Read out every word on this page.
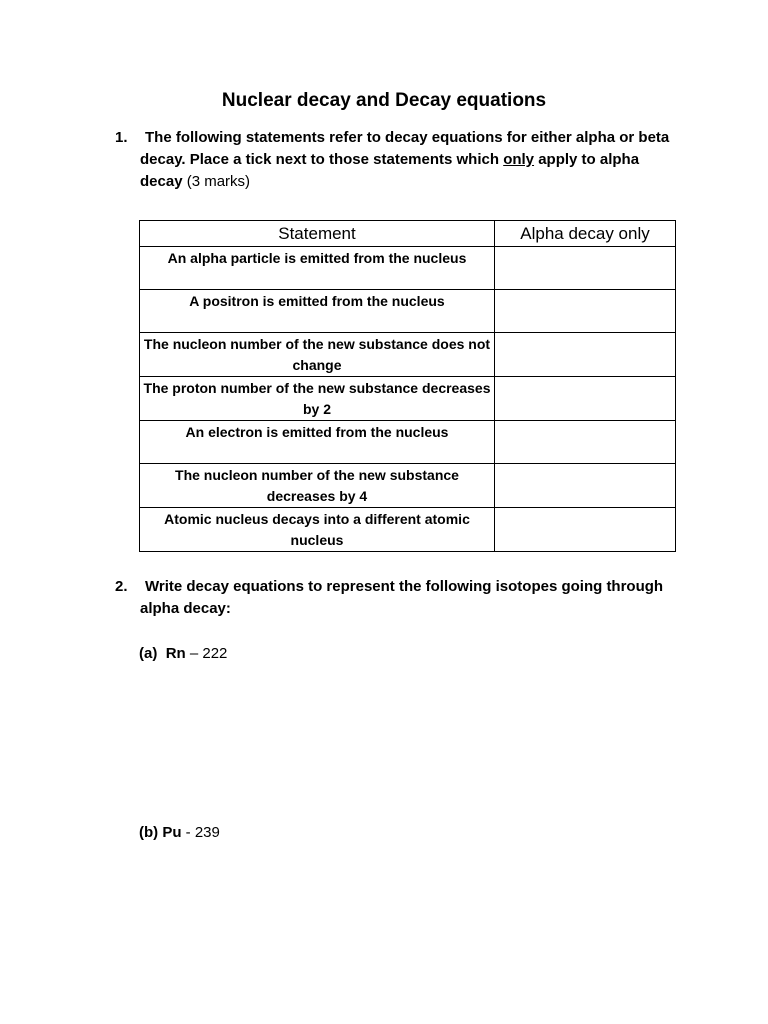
Nuclear decay and Decay equations
1.	The following statements refer to decay equations for either alpha or beta decay. Place a tick next to those statements which only apply to alpha decay (3 marks)
Statement	Alpha decay only
An alpha particle is emitted from the nucleus	
A positron is emitted from the nucleus	
The nucleon number of the new substance does not change	
The proton number of the new substance decreases by 2	
An electron is emitted from the nucleus	
The nucleon number of the new substance decreases by 4	
Atomic nucleus decays into a different atomic nucleus	
2.	Write decay equations to represent the following isotopes going through alpha decay:
(a) Rn – 222
(b) Pu - 239
